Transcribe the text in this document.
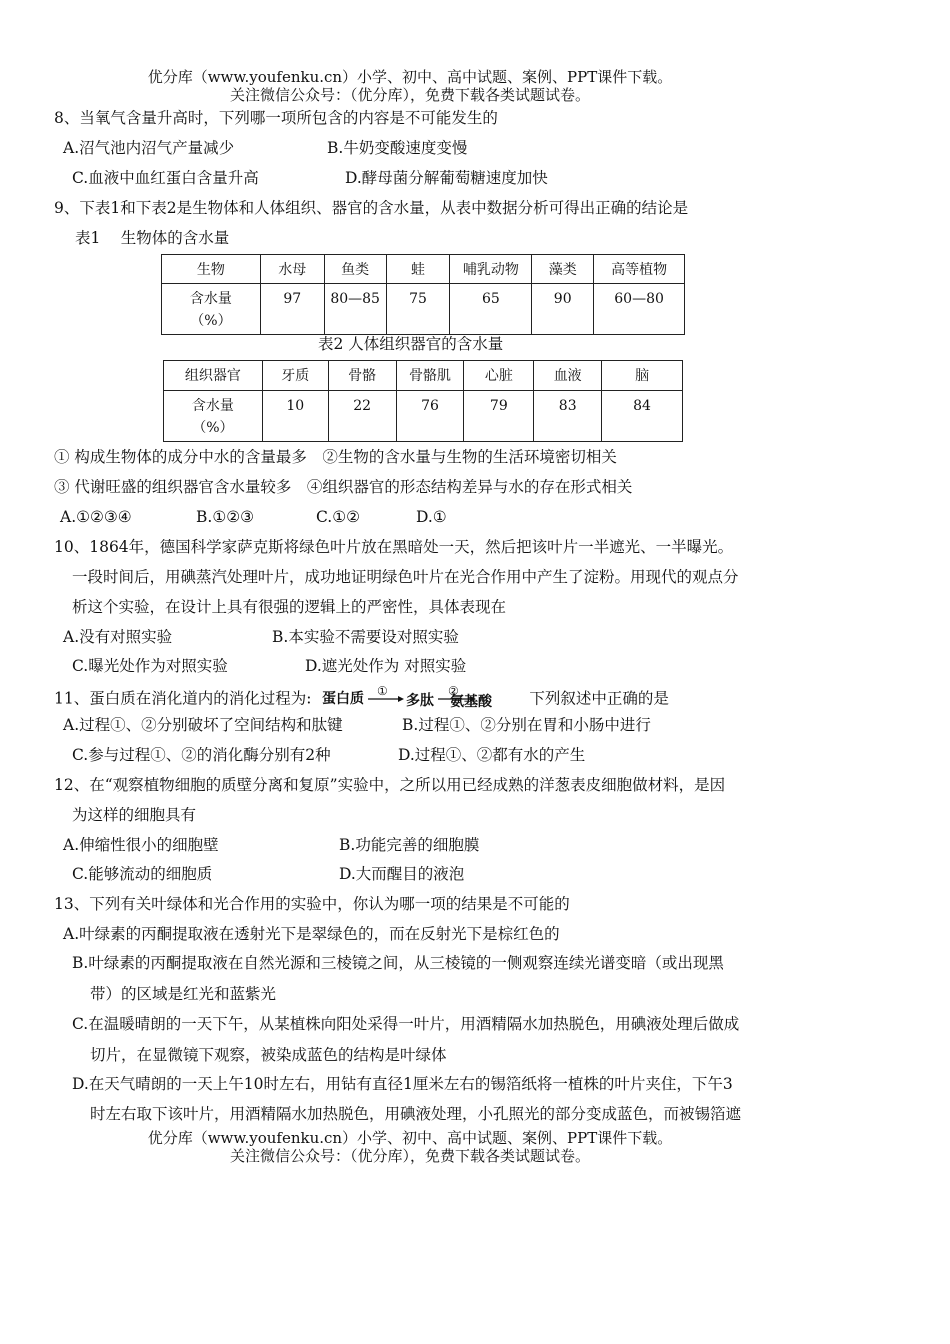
优分库（www.youfenku.cn）小学、初中、高中试题、案例、PPT课件下载。
关注微信公众号：（优分库），免费下载各类试题试卷。
8、当氧气含量升高时，下列哪一项所包含的内容是不可能发生的
A.沼气池内沼气产量减少	B.牛奶变酸速度变慢
C.血液中血红蛋白含量升高	D.酵母菌分解葡萄糖速度加快
9、下表1和下表2是生物体和人体组织、器官的含水量，从表中数据分析可得出正确的结论是
表1　 生物体的含水量
生物	水母	鱼类	蛙	哺乳动物	藻类	高等植物

含水量
（%）	97	80—85	75	65	90	60—80
表2 人体组织器官的含水量
组织器官	牙质	骨骼	骨骼肌	心脏	血液	脑

含水量
（%）	10	22	76	79	83	84
① 构成生物体的成分中水的含量最多　②生物的含水量与生物的生活环境密切相关
③ 代谢旺盛的组织器官含水量较多　④组织器官的形态结构差异与水的存在形式相关
A.①②③④	B.①②③	C.①②	D.①
10、1864年，德国科学家萨克斯将绿色叶片放在黑暗处一天，然后把该叶片一半遮光、一半曝光。
一段时间后，用碘蒸汽处理叶片，成功地证明绿色叶片在光合作用中产生了淀粉。用现代的观点分
析这个实验，在设计上具有很强的逻辑上的严密性，具体表现在
A.没有对照实验	B.本实验不需要设对照实验
C.曝光处作为对照实验	D.遮光处作为 对照实验
11、蛋白质在消化道内的消化过程为: 蛋白质 ①
多肽
②
氨基酸 下列叙述中正确的是
A.过程①、②分别破坏了空间结构和肽键	B.过程①、②分别在胃和小肠中进行
C.参与过程①、②的消化酶分别有2种	D.过程①、②都有水的产生
12、在“观察植物细胞的质壁分离和复原”实验中，之所以用已经成熟的洋葱表皮细胞做材料，是因
为这样的细胞具有
A.伸缩性很小的细胞壁	B.功能完善的细胞膜
C.能够流动的细胞质	D.大而醒目的液泡
13、下列有关叶绿体和光合作用的实验中，你认为哪一项的结果是不可能的
A.叶绿素的丙酮提取液在透射光下是翠绿色的，而在反射光下是棕红色的
B.叶绿素的丙酮提取液在自然光源和三棱镜之间，从三棱镜的一侧观察连续光谱变暗（或出现黑
带）的区域是红光和蓝紫光
C.在温暖晴朗的一天下午，从某植株向阳处采得一叶片，用酒精隔水加热脱色，用碘液处理后做成
切片，在显微镜下观察，被染成蓝色的结构是叶绿体
D.在天气晴朗的一天上午10时左右，用钻有直径1厘米左右的锡箔纸将一植株的叶片夹住，下午3
时左右取下该叶片，用酒精隔水加热脱色，用碘液处理，小孔照光的部分变成蓝色，而被锡箔遮
优分库（www.youfenku.cn）小学、初中、高中试题、案例、PPT课件下载。
关注微信公众号：（优分库），免费下载各类试题试卷。
